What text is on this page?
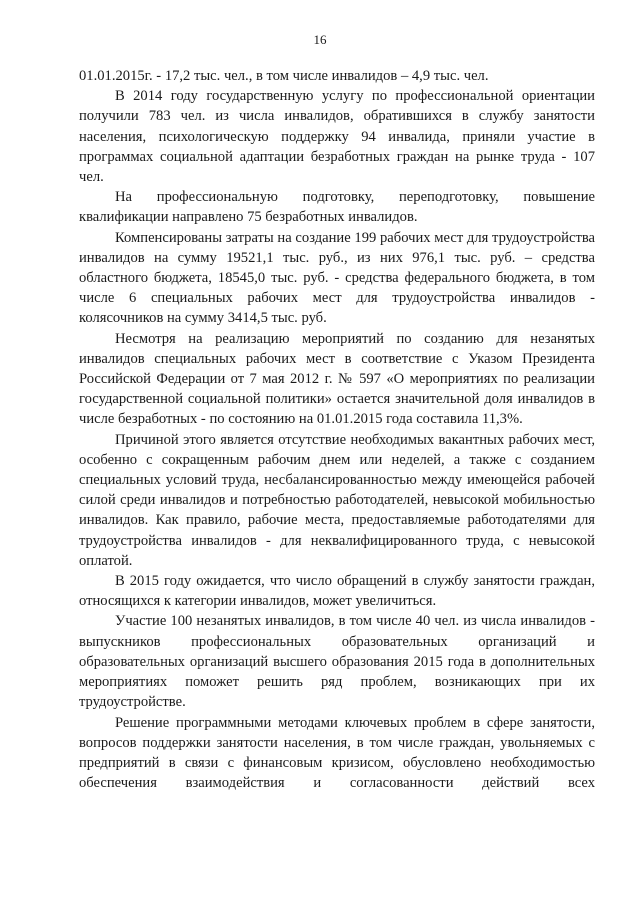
16

01.01.2015г. - 17,2 тыс. чел., в том числе инвалидов – 4,9 тыс. чел.

В 2014 году государственную услугу по профессиональной ориентации получили 783 чел. из числа инвалидов, обратившихся в службу занятости населения, психологическую поддержку 94 инвалида, приняли участие в программах социальной адаптации безработных граждан на рынке труда - 107 чел.

На профессиональную подготовку, переподготовку, повышение квалификации направлено 75 безработных инвалидов.

Компенсированы затраты на создание 199 рабочих мест для трудоустройства инвалидов на сумму 19521,1 тыс. руб., из них 976,1 тыс. руб. – средства областного бюджета, 18545,0 тыс. руб. - средства федерального бюджета, в том числе 6 специальных рабочих мест для трудоустройства инвалидов - колясочников на сумму 3414,5 тыс. руб.

Несмотря на реализацию мероприятий по созданию для незанятых инвалидов специальных рабочих мест в соответствие с Указом Президента Российской Федерации от 7 мая 2012 г. № 597 «О мероприятиях по реализации государственной социальной политики» остается значительной доля инвалидов в числе безработных - по состоянию на 01.01.2015 года составила 11,3%.

Причиной этого является отсутствие необходимых вакантных рабочих мест, особенно с сокращенным рабочим днем или неделей, а также с созданием специальных условий труда, несбалансированностью между имеющейся рабочей силой среди инвалидов и потребностью работодателей, невысокой мобильностью инвалидов. Как правило, рабочие места, предоставляемые работодателями для трудоустройства инвалидов - для неквалифицированного труда, с невысокой оплатой.

В 2015 году ожидается, что число обращений в службу занятости граждан, относящихся к категории инвалидов, может увеличиться.

Участие 100 незанятых инвалидов, в том числе 40 чел. из числа инвалидов - выпускников профессиональных образовательных организаций и образовательных организаций высшего образования 2015 года в дополнительных мероприятиях поможет решить ряд проблем, возникающих при их трудоустройстве.

Решение программными методами ключевых проблем в сфере занятости, вопросов поддержки занятости населения, в том числе граждан, увольняемых с предприятий в связи с финансовым кризисом, обусловлено необходимостью обеспечения взаимодействия и согласованности действий всех
